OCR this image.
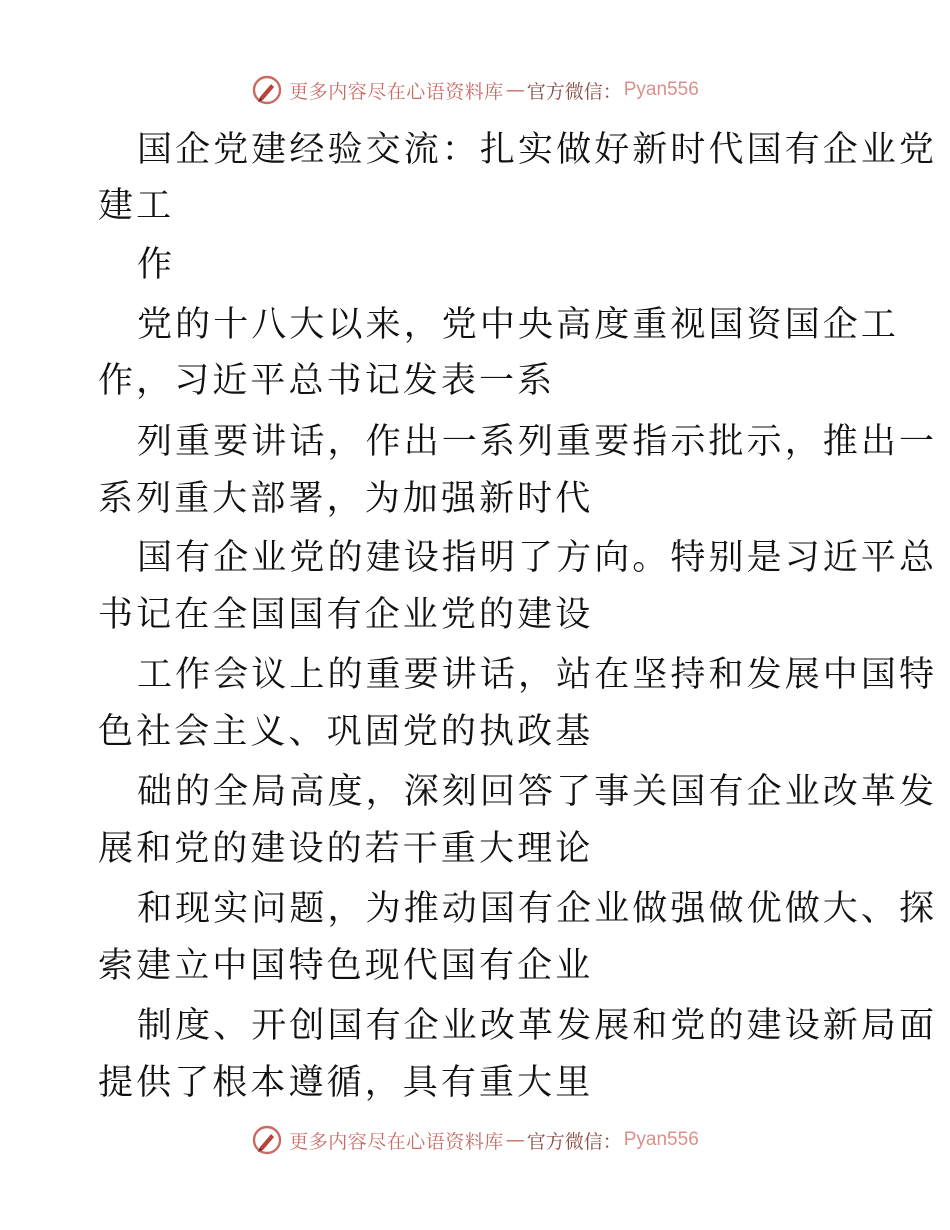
更多内容尽在心语资料库 — 官方微信： Pyan556
国企党建经验交流：扎实做好新时代国有企业党
建工
作
党的十八大以来，党中央高度重视国资国企工
作，习近平总书记发表一系
列重要讲话，作出一系列重要指示批示，推出一
系列重大部署，为加强新时代
国有企业党的建设指明了方向。特别是习近平总
书记在全国国有企业党的建设
工作会议上的重要讲话，站在坚持和发展中国特
色社会主义、巩固党的执政基
础的全局高度，深刻回答了事关国有企业改革发
展和党的建设的若干重大理论
和现实问题，为推动国有企业做强做优做大、探
索建立中国特色现代国有企业
制度、开创国有企业改革发展和党的建设新局面
提供了根本遵循，具有重大里
更多内容尽在心语资料库 — 官方微信： Pyan556
